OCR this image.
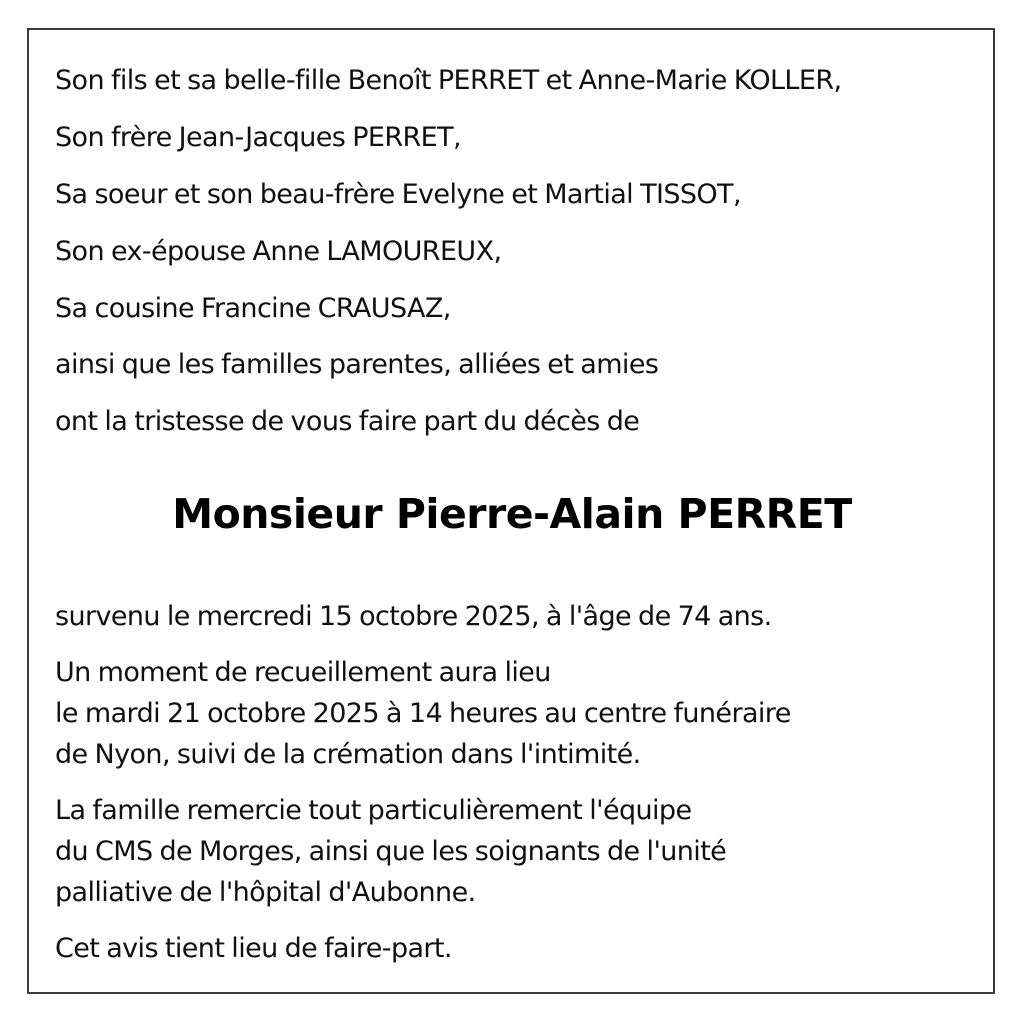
Son fils et sa belle-fille Benoît PERRET et Anne-Marie KOLLER,
Son frère Jean-Jacques PERRET,
Sa soeur et son beau-frère Evelyne et Martial TISSOT,
Son ex-épouse Anne LAMOUREUX,
Sa cousine Francine CRAUSAZ,
ainsi que les familles parentes, alliées et amies
ont la tristesse de vous faire part du décès de
Monsieur Pierre-Alain PERRET
survenu le mercredi 15 octobre 2025, à l'âge de 74 ans.
Un moment de recueillement aura lieu
le mardi 21 octobre 2025 à 14 heures au centre funéraire
de Nyon, suivi de la crémation dans l'intimité.
La famille remercie tout particulièrement l'équipe
du CMS de Morges, ainsi que les soignants de l'unité
palliative de l'hôpital d'Aubonne.
Cet avis tient lieu de faire-part.
